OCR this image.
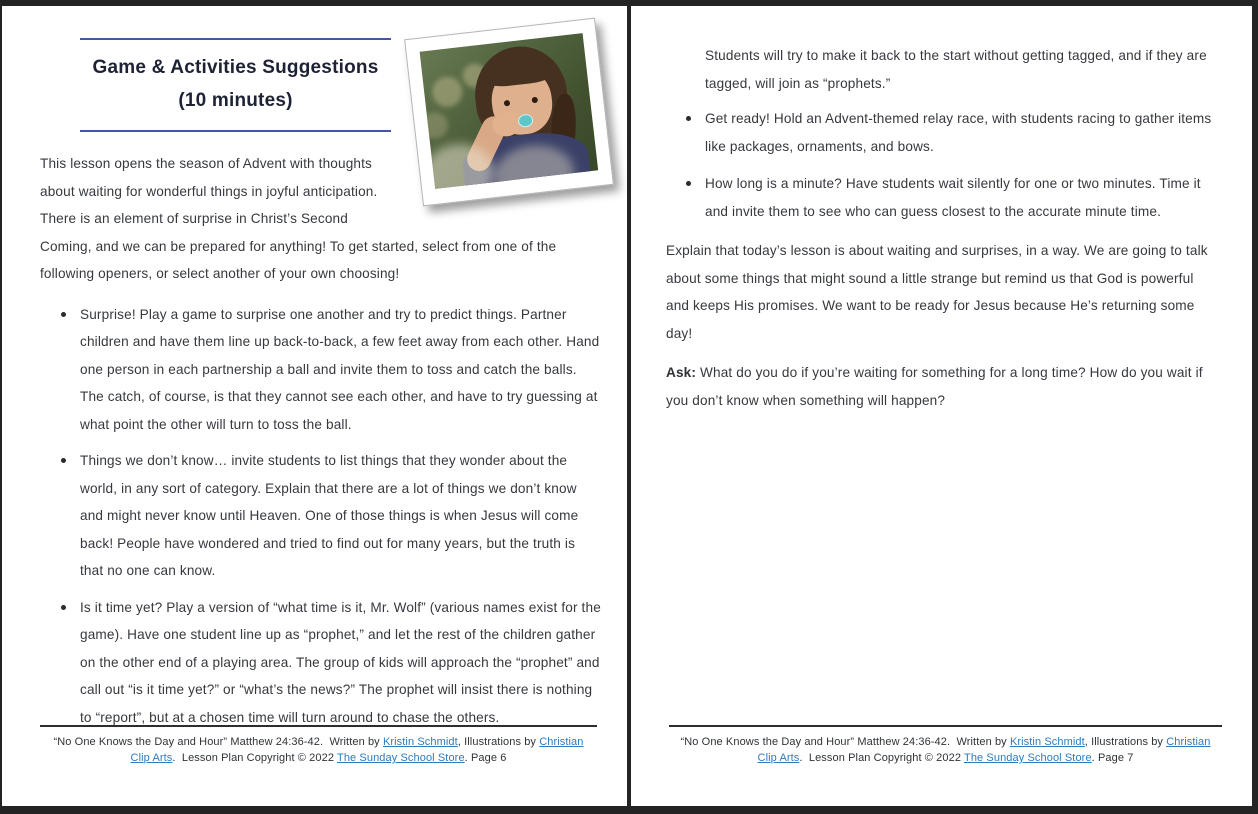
Game & Activities Suggestions
(10 minutes)

This lesson opens the season of Advent with thoughts about waiting for wonderful things in joyful anticipation. There is an element of surprise in Christ’s Second Coming, and we can be prepared for anything! To get started, select from one of the following openers, or select another of your own choosing!

Surprise! Play a game to surprise one another and try to predict things. Partner children and have them line up back-to-back, a few feet away from each other. Hand one person in each partnership a ball and invite them to toss and catch the balls. The catch, of course, is that they cannot see each other, and have to try guessing at what point the other will turn to toss the ball.
Things we don’t know… invite students to list things that they wonder about the world, in any sort of category. Explain that there are a lot of things we don’t know and might never know until Heaven. One of those things is when Jesus will come back! People have wondered and tried to find out for many years, but the truth is that no one can know.
Is it time yet? Play a version of “what time is it, Mr. Wolf” (various names exist for the game). Have one student line up as “prophet,” and let the rest of the children gather on the other end of a playing area. The group of kids will approach the “prophet” and call out “is it time yet?” or “what’s the news?” The prophet will insist there is nothing to “report”, but at a chosen time will turn around to chase the others.
“No One Knows the Day and Hour” Matthew 24:36-42.  Written by Kristin Schmidt, Illustrations by Christian
Clip Arts.  Lesson Plan Copyright © 2022 The Sunday School Store. Page 6

Students will try to make it back to the start without getting tagged, and if they are tagged, will join as “prophets.”

Get ready! Hold an Advent-themed relay race, with students racing to gather items like packages, ornaments, and bows.
How long is a minute? Have students wait silently for one or two minutes. Time it and invite them to see who can guess closest to the accurate minute time.

Explain that today’s lesson is about waiting and surprises, in a way. We are going to talk about some things that might sound a little strange but remind us that God is powerful and keeps His promises. We want to be ready for Jesus because He’s returning some day!

Ask: What do you do if you’re waiting for something for a long time? How do you wait if you don’t know when something will happen?

“No One Knows the Day and Hour” Matthew 24:36-42.  Written by Kristin Schmidt, Illustrations by Christian
Clip Arts.  Lesson Plan Copyright © 2022 The Sunday School Store. Page 7
